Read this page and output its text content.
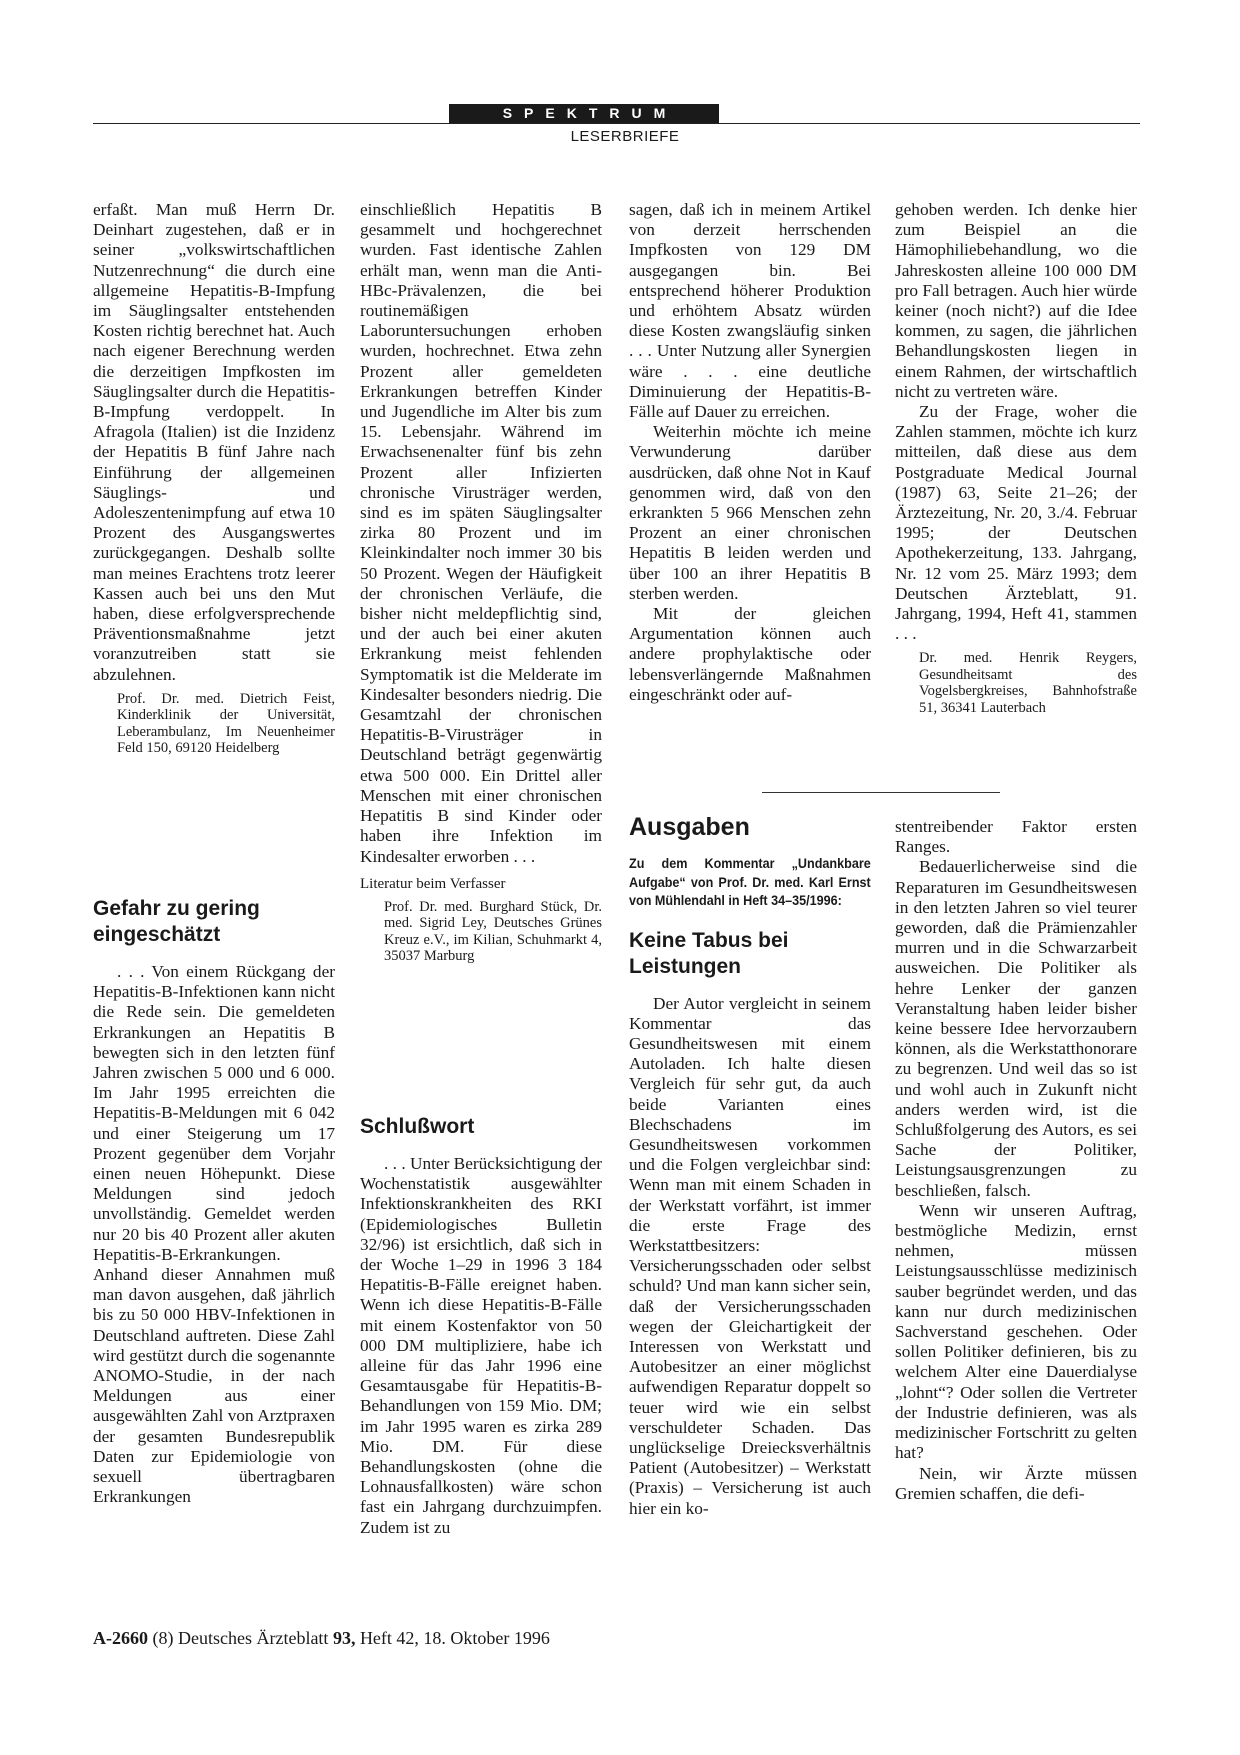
SPEKTRUM
LESERBRIEFE

erfaßt. Man muß Herrn Dr. Deinhart zugestehen, daß er in seiner „volkswirtschaftlichen Nutzenrechnung“ die durch eine allgemeine Hepatitis-B-Impfung im Säuglingsalter entstehenden Kosten richtig berechnet hat. Auch nach eigener Berechnung werden die derzeitigen Impfkosten im Säuglingsalter durch die Hepatitis-B-Impfung verdoppelt. In Afragola (Italien) ist die Inzidenz der Hepatitis B fünf Jahre nach Einführung der allgemeinen Säuglings- und Adoleszentenimpfung auf etwa 10 Prozent des Ausgangswertes zurückgegangen. Deshalb sollte man meines Erachtens trotz leerer Kassen auch bei uns den Mut haben, diese erfolgversprechende Präventionsmaßnahme jetzt voranzutreiben statt sie abzulehnen.

Prof. Dr. med. Dietrich Feist, Kinderklinik der Universität, Leberambulanz, Im Neuenheimer Feld 150, 69120 Heidelberg

Gefahr zu gering eingeschätzt

. . . Von einem Rückgang der Hepatitis-B-Infektionen kann nicht die Rede sein. Die gemeldeten Erkrankungen an Hepatitis B bewegten sich in den letzten fünf Jahren zwischen 5 000 und 6 000. Im Jahr 1995 erreichten die Hepatitis-B-Meldungen mit 6 042 und einer Steigerung um 17 Prozent gegenüber dem Vorjahr einen neuen Höhepunkt. Diese Meldungen sind jedoch unvollständig. Gemeldet werden nur 20 bis 40 Prozent aller akuten Hepatitis-B-Erkrankungen. Anhand dieser Annahmen muß man davon ausgehen, daß jährlich bis zu 50 000 HBV-Infektionen in Deutschland auftreten. Diese Zahl wird gestützt durch die sogenannte ANOMO-Studie, in der nach Meldungen aus einer ausgewählten Zahl von Arztpraxen der gesamten Bundesrepublik Daten zur Epidemiologie von sexuell übertragbaren Erkrankungen

einschließlich Hepatitis B gesammelt und hochgerechnet wurden. Fast identische Zahlen erhält man, wenn man die Anti-HBc-Prävalenzen, die bei routinemäßigen Laboruntersuchungen erhoben wurden, hochrechnet. Etwa zehn Prozent aller gemeldeten Erkrankungen betreffen Kinder und Jugendliche im Alter bis zum 15. Lebensjahr. Während im Erwachsenenalter fünf bis zehn Prozent aller Infizierten chronische Virusträger werden, sind es im späten Säuglingsalter zirka 80 Prozent und im Kleinkindalter noch immer 30 bis 50 Prozent. Wegen der Häufigkeit der chronischen Verläufe, die bisher nicht meldepflichtig sind, und der auch bei einer akuten Erkrankung meist fehlenden Symptomatik ist die Melderate im Kindesalter besonders niedrig. Die Gesamtzahl der chronischen Hepatitis-B-Virusträger in Deutschland beträgt gegenwärtig etwa 500 000. Ein Drittel aller Menschen mit einer chronischen Hepatitis B sind Kinder oder haben ihre Infektion im Kindesalter erworben . . .

Literatur beim Verfasser

Prof. Dr. med. Burghard Stück, Dr. med. Sigrid Ley, Deutsches Grünes Kreuz e.V., im Kilian, Schuhmarkt 4, 35037 Marburg

Schlußwort

. . . Unter Berücksichtigung der Wochenstatistik ausgewählter Infektionskrankheiten des RKI (Epidemiologisches Bulletin 32/96) ist ersichtlich, daß sich in der Woche 1–29 in 1996 3 184 Hepatitis-B-Fälle ereignet haben. Wenn ich diese Hepatitis-B-Fälle mit einem Kostenfaktor von 50 000 DM multipliziere, habe ich alleine für das Jahr 1996 eine Gesamtausgabe für Hepatitis-B-Behandlungen von 159 Mio. DM; im Jahr 1995 waren es zirka 289 Mio. DM. Für diese Behandlungskosten (ohne die Lohnausfallkosten) wäre schon fast ein Jahrgang durchzuimpfen. Zudem ist zu

sagen, daß ich in meinem Artikel von derzeit herrschenden Impfkosten von 129 DM ausgegangen bin. Bei entsprechend höherer Produktion und erhöhtem Absatz würden diese Kosten zwangsläufig sinken . . . Unter Nutzung aller Synergien wäre . . . eine deutliche Diminuierung der Hepatitis-B-Fälle auf Dauer zu erreichen.

Weiterhin möchte ich meine Verwunderung darüber ausdrücken, daß ohne Not in Kauf genommen wird, daß von den erkrankten 5 966 Menschen zehn Prozent an einer chronischen Hepatitis B leiden werden und über 100 an ihrer Hepatitis B sterben werden.

Mit der gleichen Argumentation können auch andere prophylaktische oder lebensverlängernde Maßnahmen eingeschränkt oder auf-

Ausgaben

Zu dem Kommentar „Undankbare Aufgabe“ von Prof. Dr. med. Karl Ernst von Mühlendahl in Heft 34–35/1996:

Keine Tabus bei Leistungen

Der Autor vergleicht in seinem Kommentar das Gesundheitswesen mit einem Autoladen. Ich halte diesen Vergleich für sehr gut, da auch beide Varianten eines Blechschadens im Gesundheitswesen vorkommen und die Folgen vergleichbar sind: Wenn man mit einem Schaden in der Werkstatt vorfährt, ist immer die erste Frage des Werkstattbesitzers: Versicherungsschaden oder selbst schuld? Und man kann sicher sein, daß der Versicherungsschaden wegen der Gleichartigkeit der Interessen von Werkstatt und Autobesitzer an einer möglichst aufwendigen Reparatur doppelt so teuer wird wie ein selbst verschuldeter Schaden. Das unglückselige Dreiecksverhältnis Patient (Autobesitzer) – Werkstatt (Praxis) – Versicherung ist auch hier ein ko-

gehoben werden. Ich denke hier zum Beispiel an die Hämophiliebehandlung, wo die Jahreskosten alleine 100 000 DM pro Fall betragen. Auch hier würde keiner (noch nicht?) auf die Idee kommen, zu sagen, die jährlichen Behandlungskosten liegen in einem Rahmen, der wirtschaftlich nicht zu vertreten wäre.

Zu der Frage, woher die Zahlen stammen, möchte ich kurz mitteilen, daß diese aus dem Postgraduate Medical Journal (1987) 63, Seite 21–26; der Ärztezeitung, Nr. 20, 3./4. Februar 1995; der Deutschen Apothekerzeitung, 133. Jahrgang, Nr. 12 vom 25. März 1993; dem Deutschen Ärzteblatt, 91. Jahrgang, 1994, Heft 41, stammen . . .

Dr. med. Henrik Reygers, Gesundheitsamt des Vogelsbergkreises, Bahnhofstraße 51, 36341 Lauterbach

stentreibender Faktor ersten Ranges.

Bedauerlicherweise sind die Reparaturen im Gesundheitswesen in den letzten Jahren so viel teurer geworden, daß die Prämienzahler murren und in die Schwarzarbeit ausweichen. Die Politiker als hehre Lenker der ganzen Veranstaltung haben leider bisher keine bessere Idee hervorzaubern können, als die Werkstatthonorare zu begrenzen. Und weil das so ist und wohl auch in Zukunft nicht anders werden wird, ist die Schlußfolgerung des Autors, es sei Sache der Politiker, Leistungsausgrenzungen zu beschließen, falsch.

Wenn wir unseren Auftrag, bestmögliche Medizin, ernst nehmen, müssen Leistungsausschlüsse medizinisch sauber begründet werden, und das kann nur durch medizinischen Sachverstand geschehen. Oder sollen Politiker definieren, bis zu welchem Alter eine Dauerdialyse „lohnt“? Oder sollen die Vertreter der Industrie definieren, was als medizinischer Fortschritt zu gelten hat?

Nein, wir Ärzte müssen Gremien schaffen, die defi-

A-2660 (8) Deutsches Ärzteblatt 93, Heft 42, 18. Oktober 1996
